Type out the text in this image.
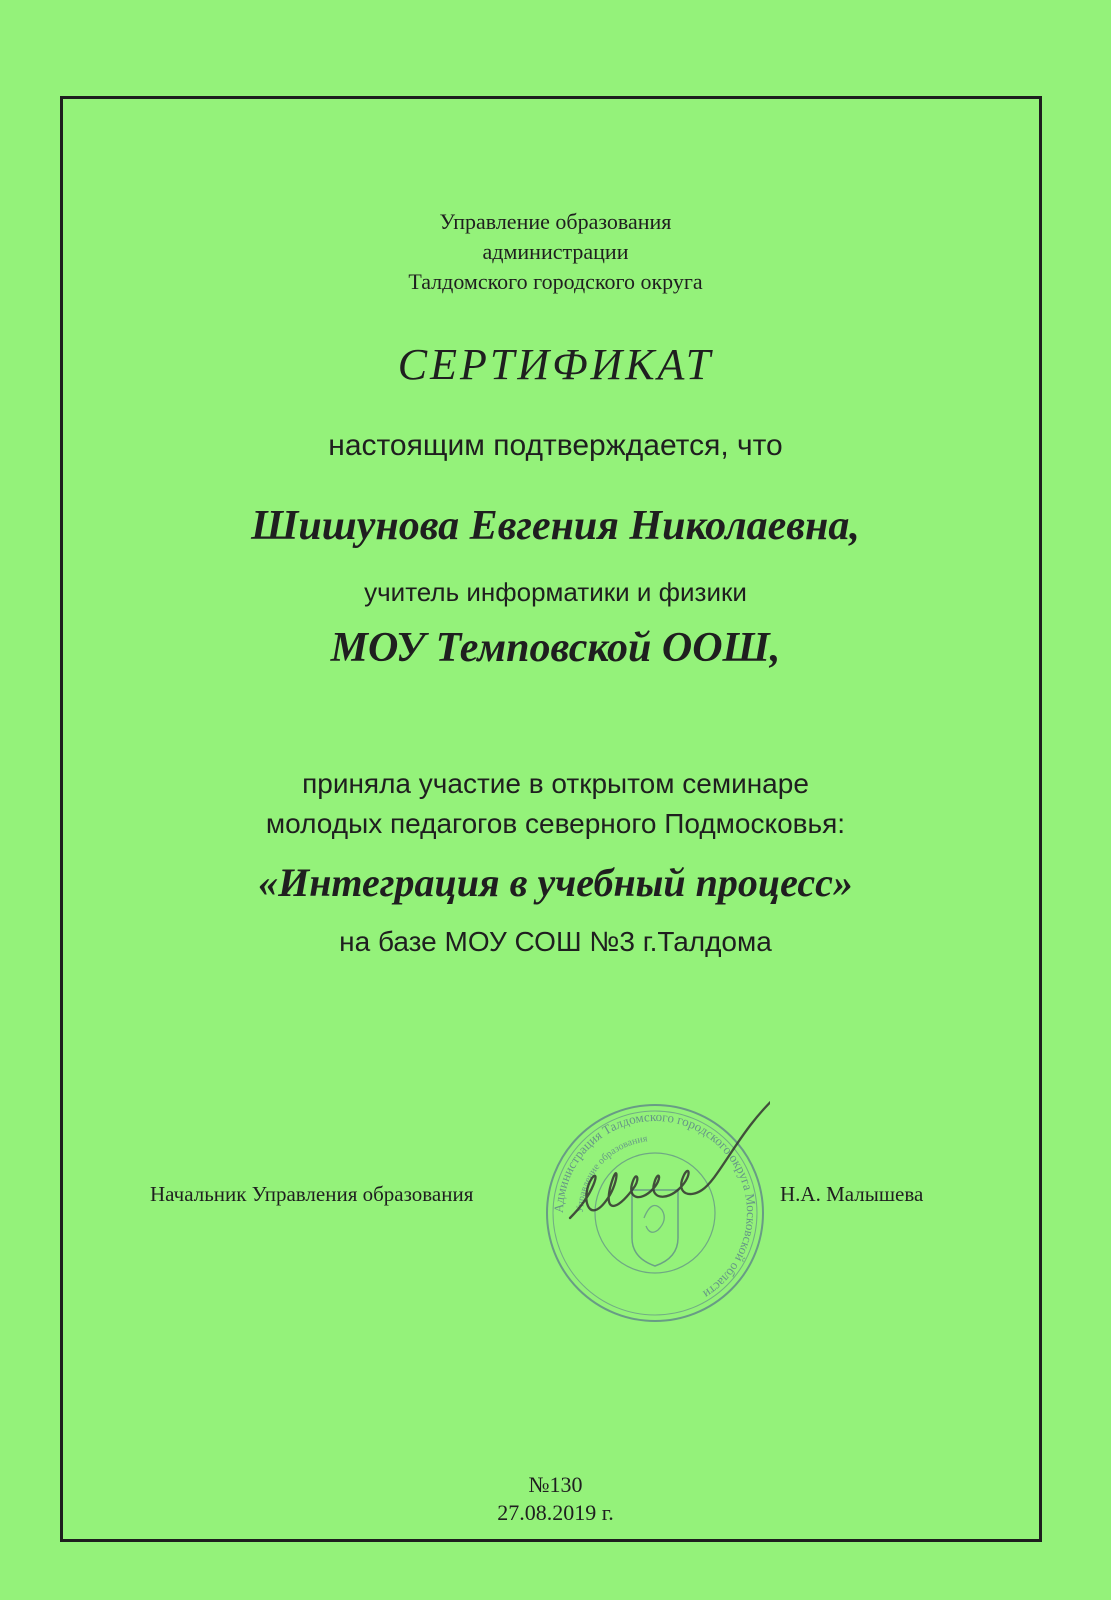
Управление образования
администрации
Талдомского городского округа
СЕРТИФИКАТ
настоящим подтверждается, что
Шишунова Евгения Николаевна,
учитель информатики и физики
МОУ Темповской ООШ,
приняла участие в открытом семинаре
молодых педагогов северного Подмосковья:
«Интеграция в учебный процесс»
на базе МОУ СОШ №3 г.Талдома
Начальник Управления образования	Н.А. Малышева
Администрация Талдомского городского округа Московской области
Управление образования
№130
27.08.2019 г.
